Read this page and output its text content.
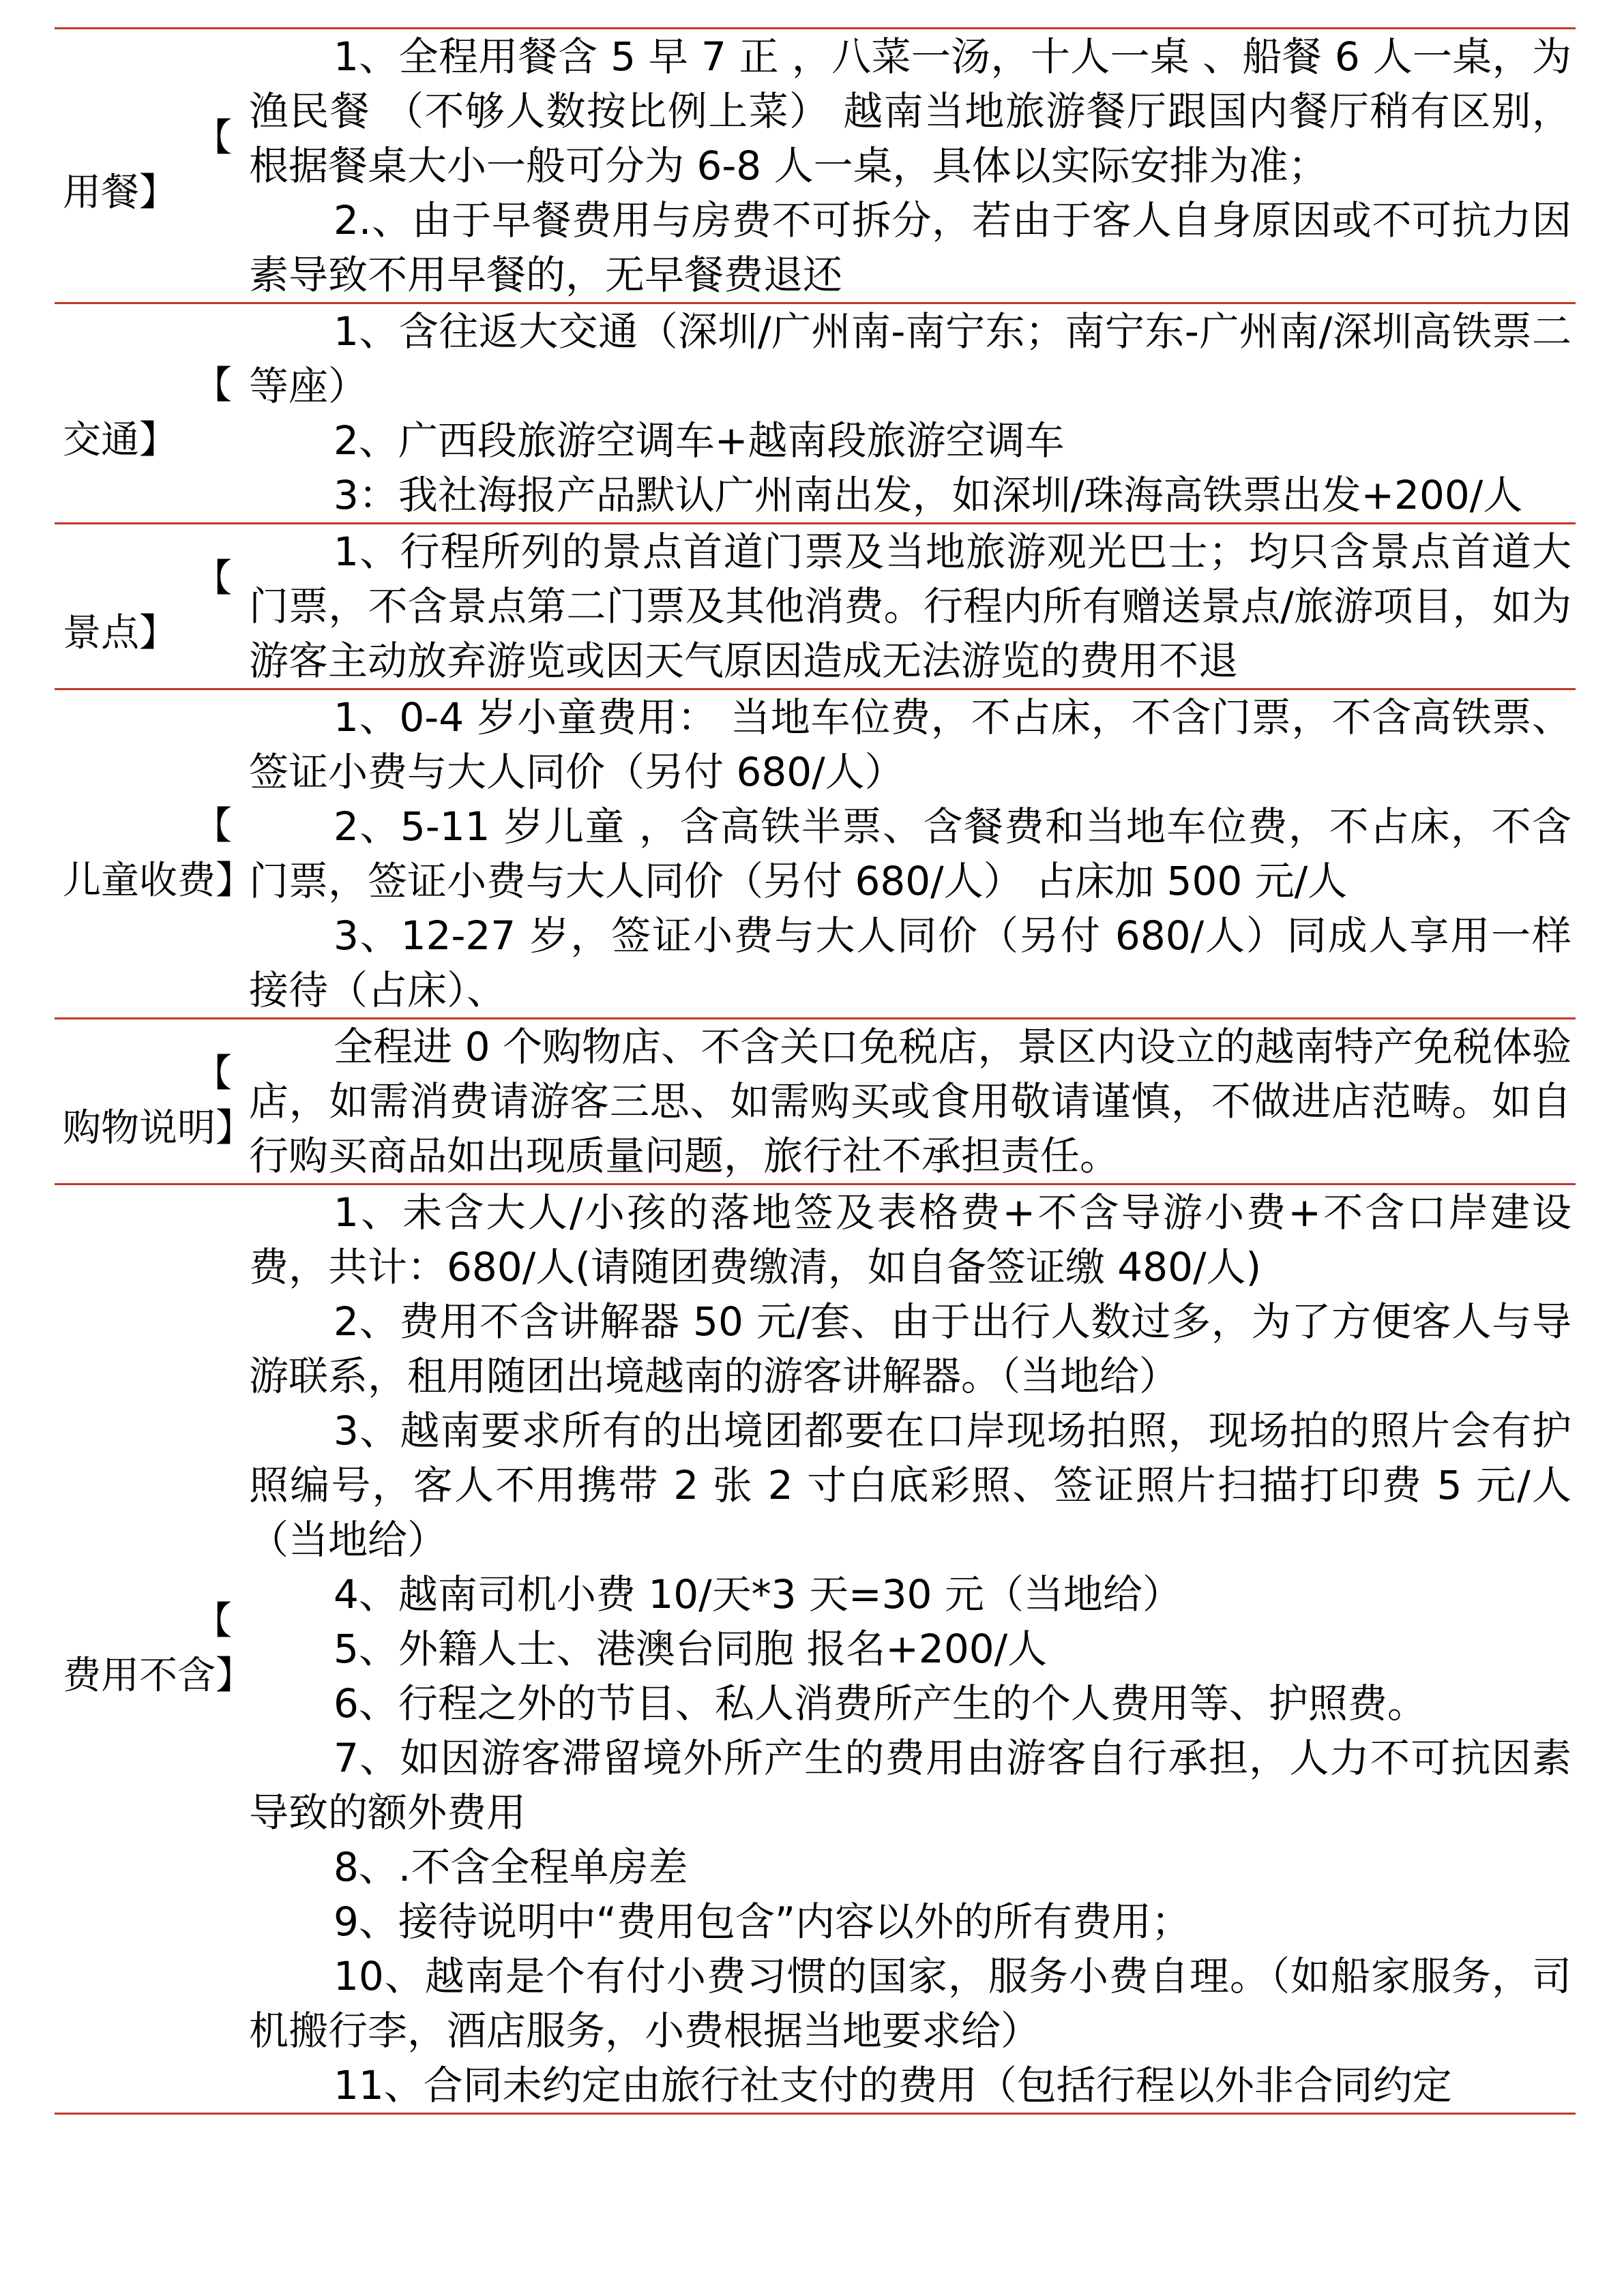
【
用餐】

1、全程用餐含 5 早 7 正 ，八菜一汤，十人一桌 、船餐 6 人一桌，为渔民餐 （不够人数按比例上菜） 越南当地旅游餐厅跟国内餐厅稍有区别，根据餐桌大小一般可分为 6-8 人一桌，具体以实际安排为准；

2.、由于早餐费用与房费不可拆分，若由于客人自身原因或不可抗力因素导致不用早餐的，无早餐费退还

【
交通】

1、含往返大交通（深圳/广州南-南宁东；南宁东-广州南/深圳高铁票二等座）

2、广西段旅游空调车+越南段旅游空调车

3：我社海报产品默认广州南出发，如深圳/珠海高铁票出发+200/人

【
景点】

1、行程所列的景点首道门票及当地旅游观光巴士；均只含景点首道大门票，不含景点第二门票及其他消费。行程内所有赠送景点/旅游项目，如为游客主动放弃游览或因天气原因造成无法游览的费用不退

【
儿童收费】

1、0-4 岁小童费用： 当地车位费，不占床，不含门票，不含高铁票、签证小费与大人同价（另付 680/人）

2、5-11 岁儿童 ，含高铁半票、含餐费和当地车位费，不占床，不含门票，签证小费与大人同价（另付 680/人） 占床加 500 元/人

3、12-27 岁，签证小费与大人同价（另付 680/人）同成人享用一样接待（占床）、

【
购物说明】

全程进 0 个购物店、不含关口免税店，景区内设立的越南特产免税体验店，如需消费请游客三思、如需购买或食用敬请谨慎，不做进店范畴。如自行购买商品如出现质量问题，旅行社不承担责任。

【
费用不含】

1、未含大人/小孩的落地签及表格费+不含导游小费+不含口岸建设费，共计：680/人(请随团费缴清，如自备签证缴 480/人)

2、费用不含讲解器 50 元/套、由于出行人数过多，为了方便客人与导游联系，租用随团出境越南的游客讲解器。（当地给）

3、越南要求所有的出境团都要在口岸现场拍照，现场拍的照片会有护照编号，客人不用携带 2 张 2 寸白底彩照、签证照片扫描打印费 5 元/人（当地给）

4、越南司机小费 10/天*3 天=30 元（当地给）

5、外籍人士、港澳台同胞 报名+200/人

6、行程之外的节目、私人消费所产生的个人费用等、护照费。

7、如因游客滞留境外所产生的费用由游客自行承担，人力不可抗因素导致的额外费用

8、.不含全程单房差

9、接待说明中“费用包含”内容以外的所有费用；

10、越南是个有付小费习惯的国家，服务小费自理。（如船家服务，司机搬行李，酒店服务，小费根据当地要求给）

11、合同未约定由旅行社支付的费用（包括行程以外非合同约定
